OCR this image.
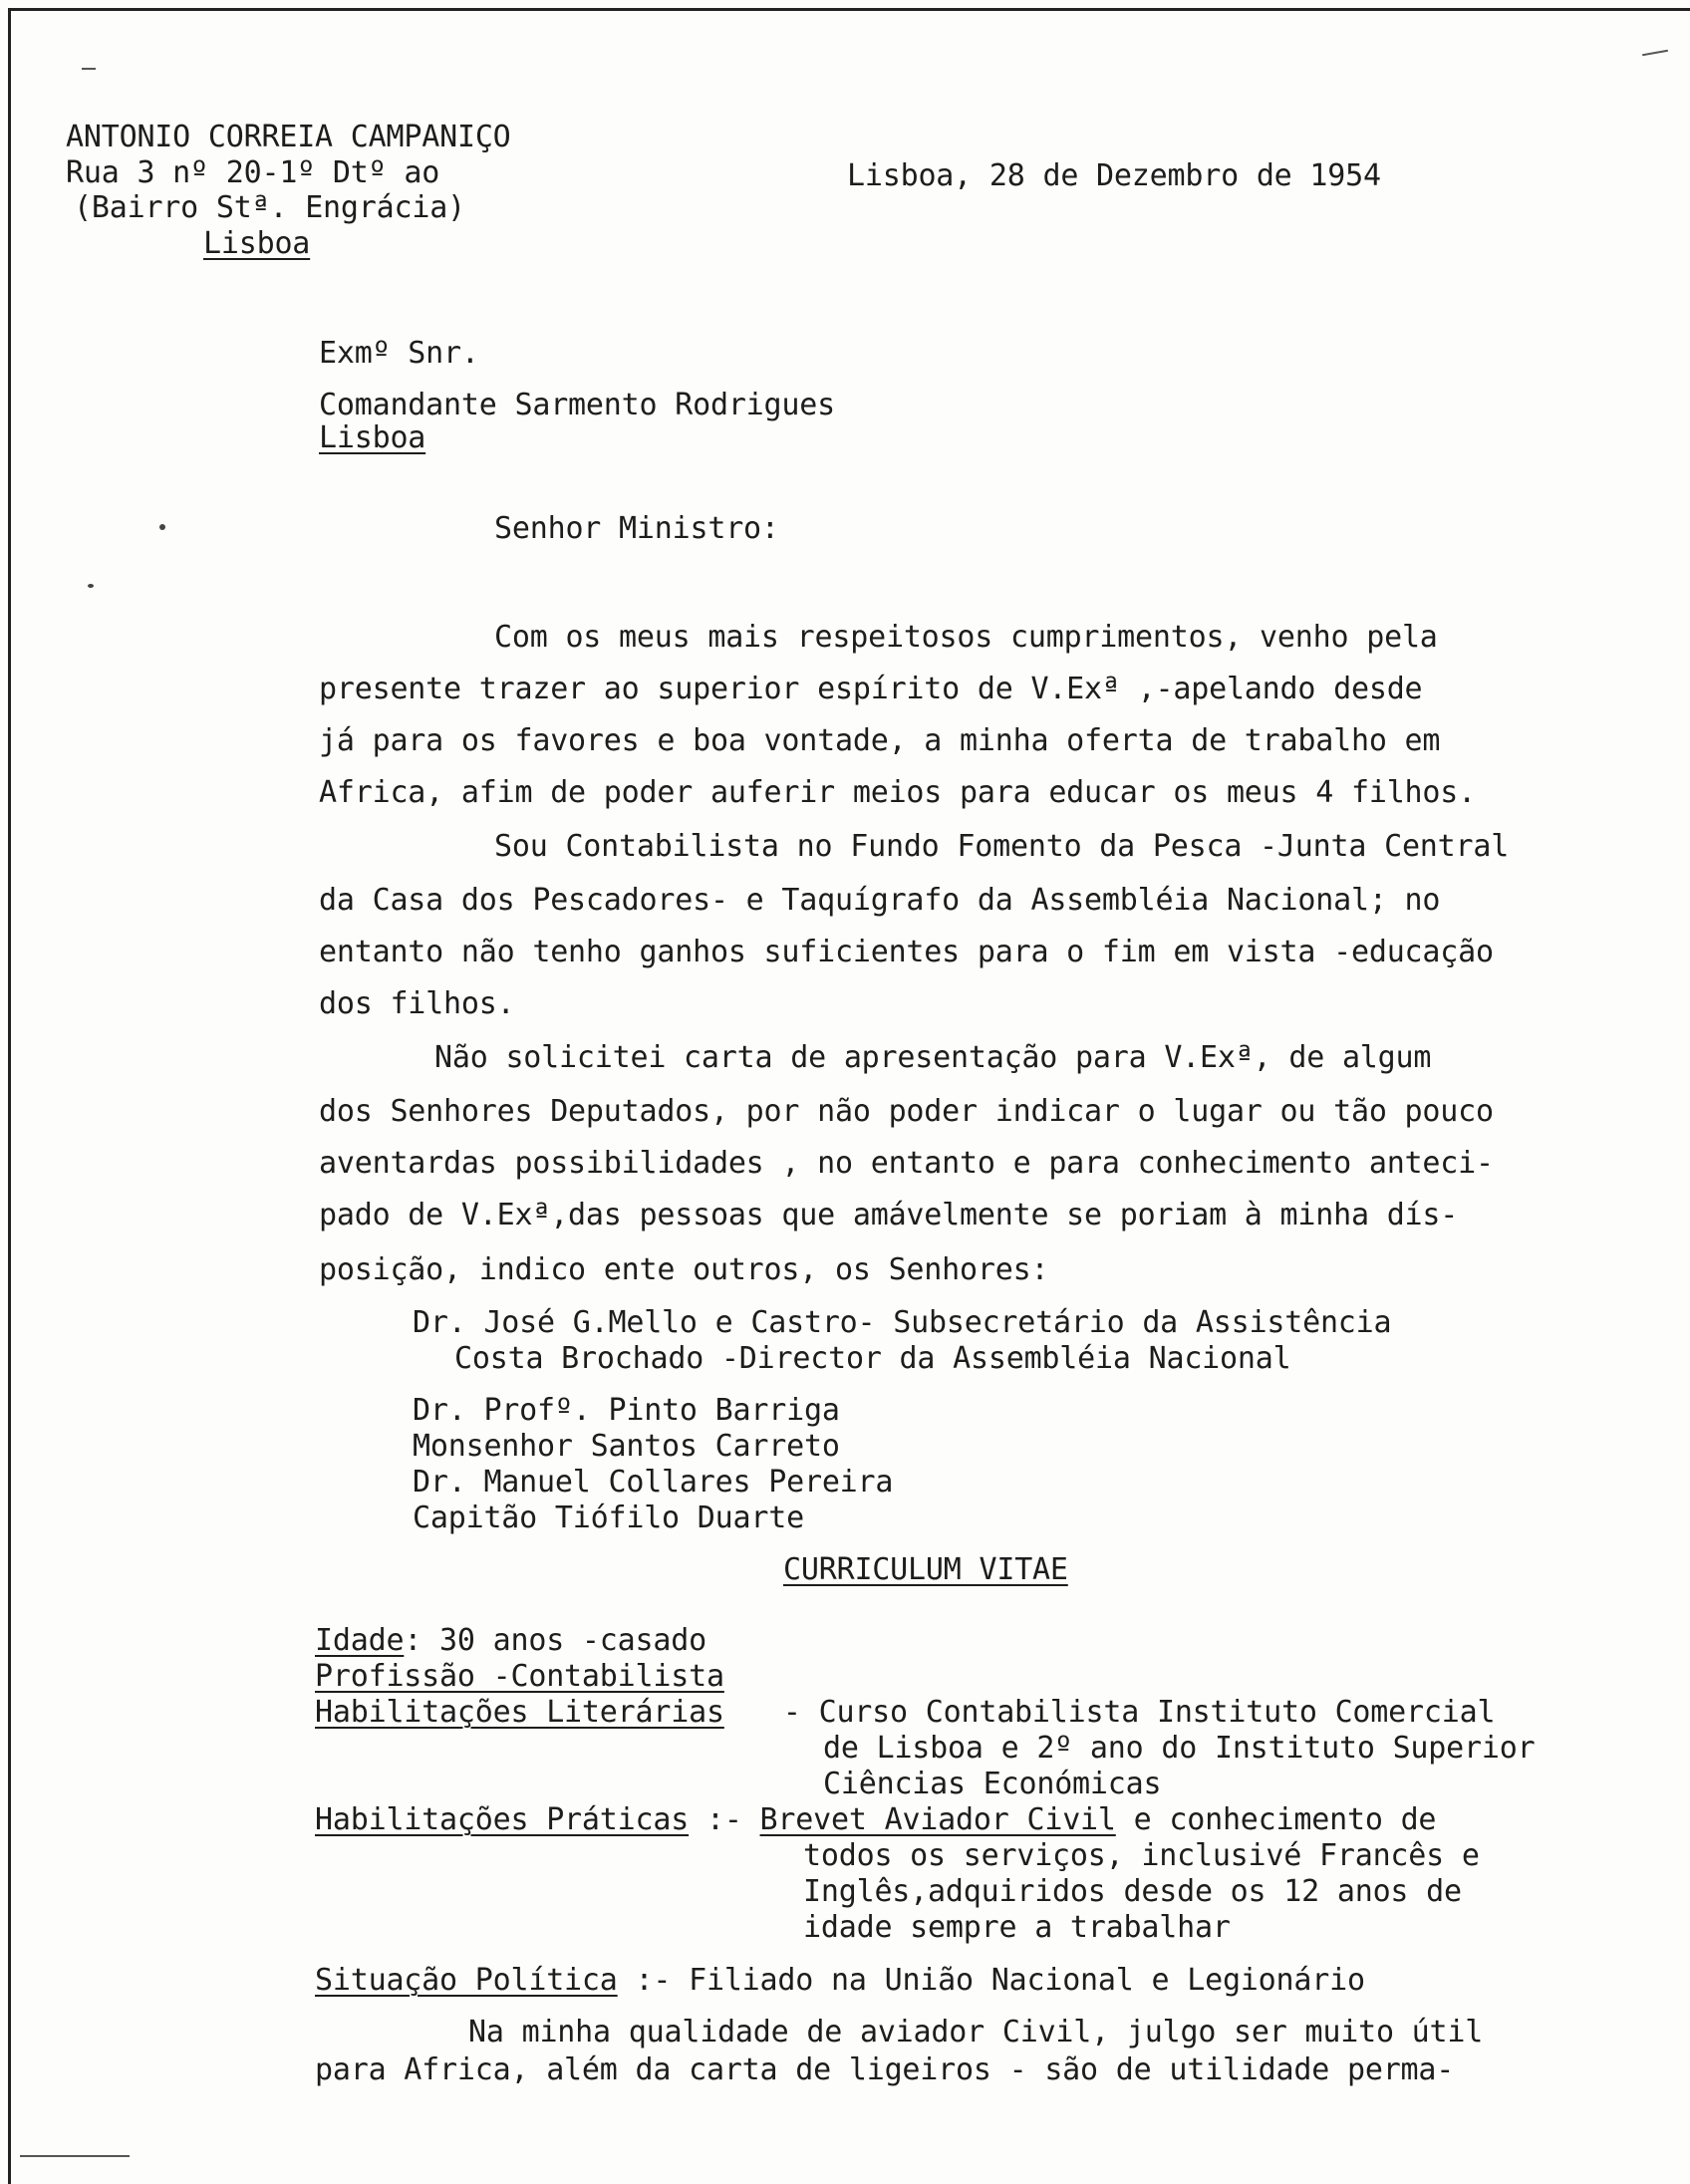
ANTONIO CORREIA CAMPANIÇO
Rua 3 nº 20-1º Dtº ao
(Bairro Stª. Engrácia)
Lisboa
Lisboa, 28 de Dezembro de 1954
Exmº Snr.
Comandante Sarmento Rodrigues
Lisboa
Senhor Ministro:
Com os meus mais respeitosos cumprimentos, venho pela
presente trazer ao superior espírito de V.Exª ,-apelando desde
já para os favores e boa vontade, a minha oferta de trabalho em
Africa, afim de poder auferir meios para educar os meus 4 filhos.
Sou Contabilista no Fundo Fomento da Pesca -Junta Central
da Casa dos Pescadores- e Taquígrafo da Assembléia Nacional; no
entanto não tenho ganhos suficientes para o fim em vista -educação
dos filhos.
Não solicitei carta de apresentação para V.Exª, de algum
dos Senhores Deputados, por não poder indicar o lugar ou tão pouco
aventardas possibilidades , no entanto e para conhecimento anteci-
pado de V.Exª,das pessoas que amávelmente se poriam à minha dís-
posição, indico ente outros, os Senhores:
Dr. José G.Mello e Castro- Subsecretário da Assistência
Costa Brochado -Director da Assembléia Nacional
Dr. Profº. Pinto Barriga
Monsenhor Santos Carreto
Dr. Manuel Collares Pereira
Capitão Tiófilo Duarte
CURRICULUM VITAE
Idade: 30 anos -casado
Profissão -Contabilista
Habilitações Literárias - Curso Contabilista Instituto Comercial
de Lisboa e 2º ano do Instituto Superior
Ciências Económicas
Habilitações Práticas :- Brevet Aviador Civil e conhecimento de
todos os serviços, inclusivé Francês e
Inglês,adquiridos desde os 12 anos de
idade sempre a trabalhar
Situação Política :- Filiado na União Nacional e Legionário
Na minha qualidade de aviador Civil, julgo ser muito útil
para Africa, além da carta de ligeiros - são de utilidade perma-
